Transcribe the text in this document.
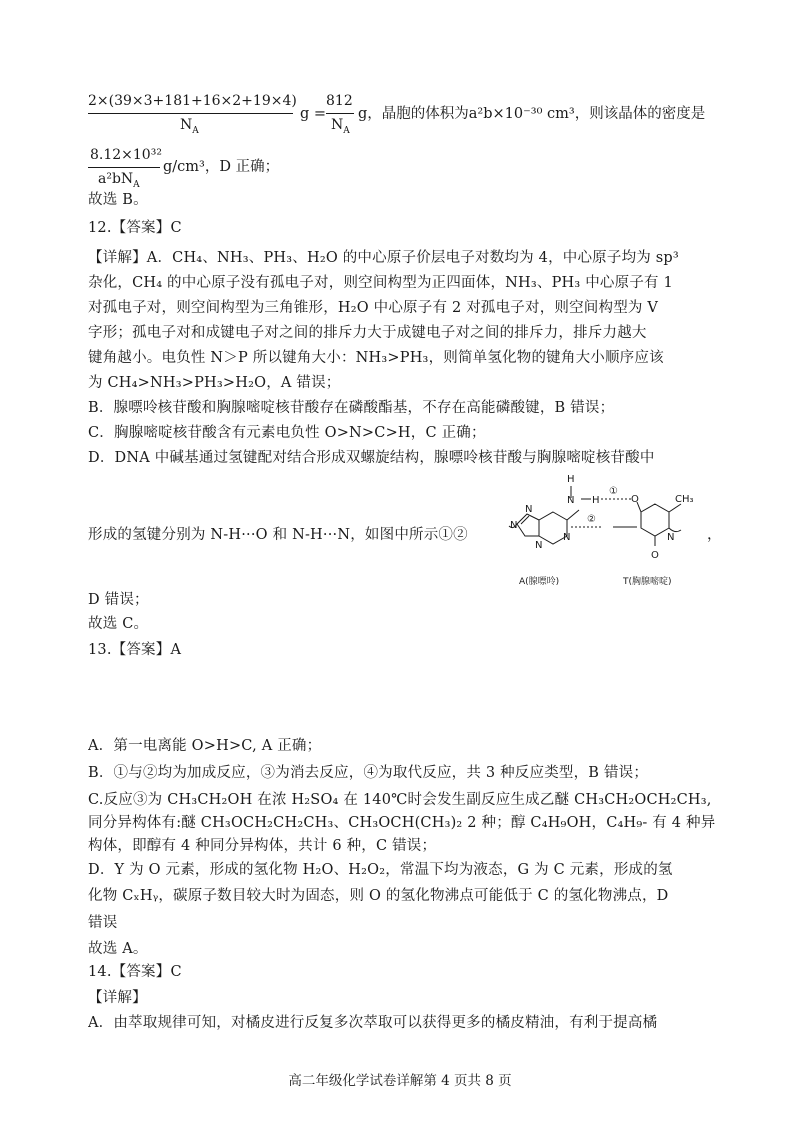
2×(39×3+181+16×2+19×4)
$N_A$
g =
812
$N_A$
g，晶胞的体积为a²b×10⁻³⁰ cm³，则该晶体的密度是
8.12×10³²
$a^2bN_A$
g/cm³，D 正确；
故选 B。
12.【答案】C
【详解】A．CH₄、NH₃、PH₃、H₂O 的中心原子价层电子对数均为 4，中心原子均为 sp³
杂化，CH₄ 的中心原子没有孤电子对，则空间构型为正四面体，NH₃、PH₃ 中心原子有 1
对孤电子对，则空间构型为三角锥形，H₂O 中心原子有 2 对孤电子对，则空间构型为 V
字形；孤电子对和成键电子对之间的排斥力大于成键电子对之间的排斥力，排斥力越大
键角越小。电负性 N＞P 所以键角大小：NH₃>PH₃，则简单氢化物的键角大小顺序应该
为 CH₄>NH₃>PH₃>H₂O，A 错误；
B．腺嘌呤核苷酸和胸腺嘧啶核苷酸存在磷酸酯基，不存在高能磷酸键，B 错误；
C．胸腺嘧啶核苷酸含有元素电负性 O>N>C>H，C 正确；
D．DNA 中碱基通过氢键配对结合形成双螺旋结构，腺嘌呤核苷酸与胸腺嘧啶核苷酸中
形成的氢键分别为 N-H···O 和 N-H···N，如图中所示①②	，
H
N H
①
②
O	CH₃
N
N
N
N
N
O
A(腺嘌呤)	T(胸腺嘧啶)
D 错误；
故选 C。
13.【答案】A
A．第一电离能 O>H>C, A 正确；
B．①与②均为加成反应，③为消去反应，④为取代反应，共 3 种反应类型，B 错误；
C.反应③为 CH₃CH₂OH 在浓 H₂SO₄ 在 140℃时会发生副反应生成乙醚 CH₃CH₂OCH₂CH₃,
同分异构体有:醚 CH₃OCH₂CH₂CH₃、CH₃OCH(CH₃)₂ 2 种；醇 C₄H₉OH，C₄H₉- 有 4 种异
构体，即醇有 4 种同分异构体，共计 6 种，C 错误；
D．Y 为 O 元素，形成的氢化物 H₂O、H₂O₂，常温下均为液态，G 为 C 元素，形成的氢
化物 CₓHᵧ，碳原子数目较大时为固态，则 O 的氢化物沸点可能低于 C 的氢化物沸点，D
错误
故选 A。
14.【答案】C
【详解】
A．由萃取规律可知，对橘皮进行反复多次萃取可以获得更多的橘皮精油，有利于提高橘
高二年级化学试卷详解第 4 页共 8 页
